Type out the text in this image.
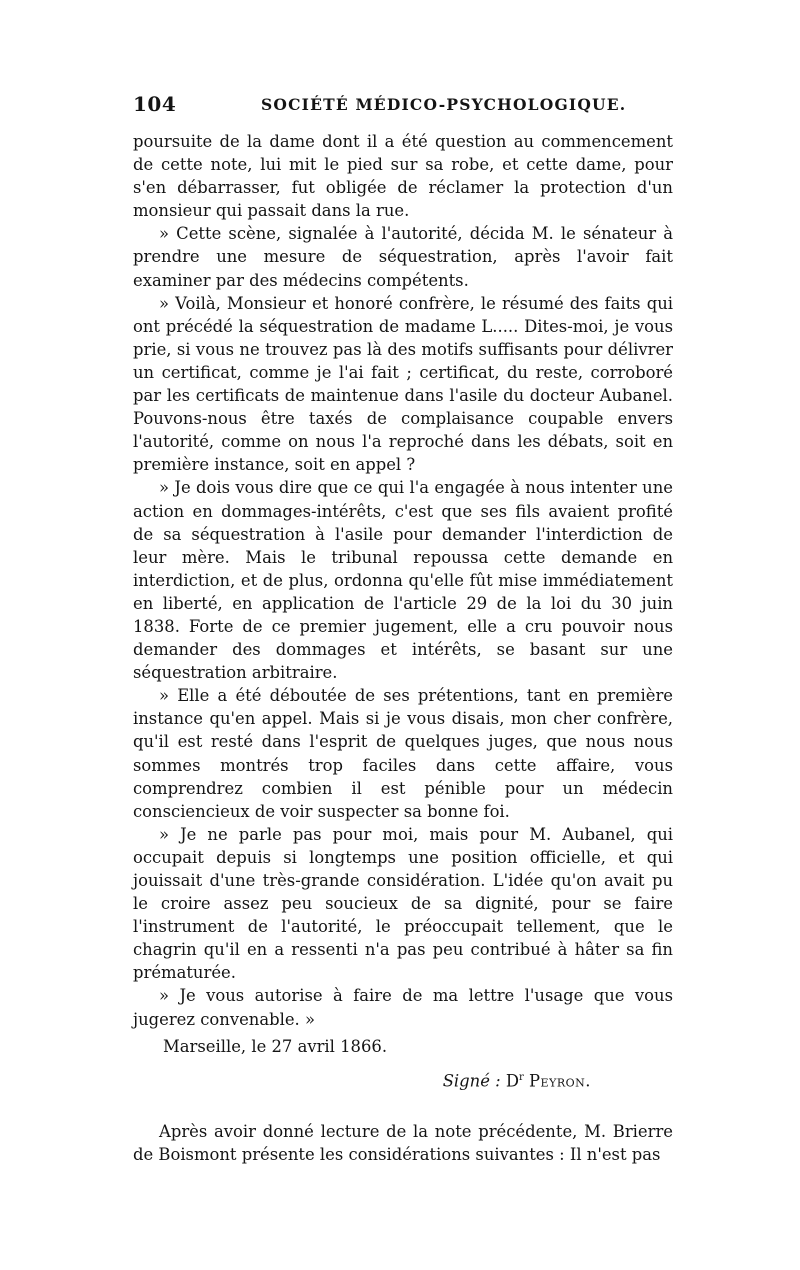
104	SOCIÉTÉ MÉDICO-PSYCHOLOGIQUE.

poursuite de la dame dont il a été question au commencement de cette note, lui mit le pied sur sa robe, et cette dame, pour s'en débarrasser, fut obligée de réclamer la protection d'un monsieur qui passait dans la rue.

» Cette scène, signalée à l'autorité, décida M. le sénateur à prendre une mesure de séquestration, après l'avoir fait examiner par des médecins compétents.

» Voilà, Monsieur et honoré confrère, le résumé des faits qui ont précédé la séquestration de madame L..... Dites-moi, je vous prie, si vous ne trouvez pas là des motifs suffisants pour délivrer un certificat, comme je l'ai fait ; certificat, du reste, corroboré par les certificats de maintenue dans l'asile du docteur Aubanel. Pouvons-nous être taxés de complaisance coupable envers l'autorité, comme on nous l'a reproché dans les débats, soit en première instance, soit en appel ?

» Je dois vous dire que ce qui l'a engagée à nous intenter une action en dommages-intérêts, c'est que ses fils avaient profité de sa séquestration à l'asile pour demander l'interdiction de leur mère. Mais le tribunal repoussa cette demande en interdiction, et de plus, ordonna qu'elle fût mise immédiatement en liberté, en application de l'article 29 de la loi du 30 juin 1838. Forte de ce premier jugement, elle a cru pouvoir nous demander des dommages et intérêts, se basant sur une séquestration arbitraire.

» Elle a été déboutée de ses prétentions, tant en première instance qu'en appel. Mais si je vous disais, mon cher confrère, qu'il est resté dans l'esprit de quelques juges, que nous nous sommes montrés trop faciles dans cette affaire, vous comprendrez combien il est pénible pour un médecin consciencieux de voir suspecter sa bonne foi.

» Je ne parle pas pour moi, mais pour M. Aubanel, qui occupait depuis si longtemps une position officielle, et qui jouissait d'une très-grande considération. L'idée qu'on avait pu le croire assez peu soucieux de sa dignité, pour se faire l'instrument de l'autorité, le préoccupait tellement, que le chagrin qu'il en a ressenti n'a pas peu contribué à hâter sa fin prématurée.

» Je vous autorise à faire de ma lettre l'usage que vous jugerez convenable. »

Marseille, le 27 avril 1866.

Signé : $D^r$ Peyron.

Après avoir donné lecture de la note précédente, M. Brierre de Boismont présente les considérations suivantes : Il n'est pas
